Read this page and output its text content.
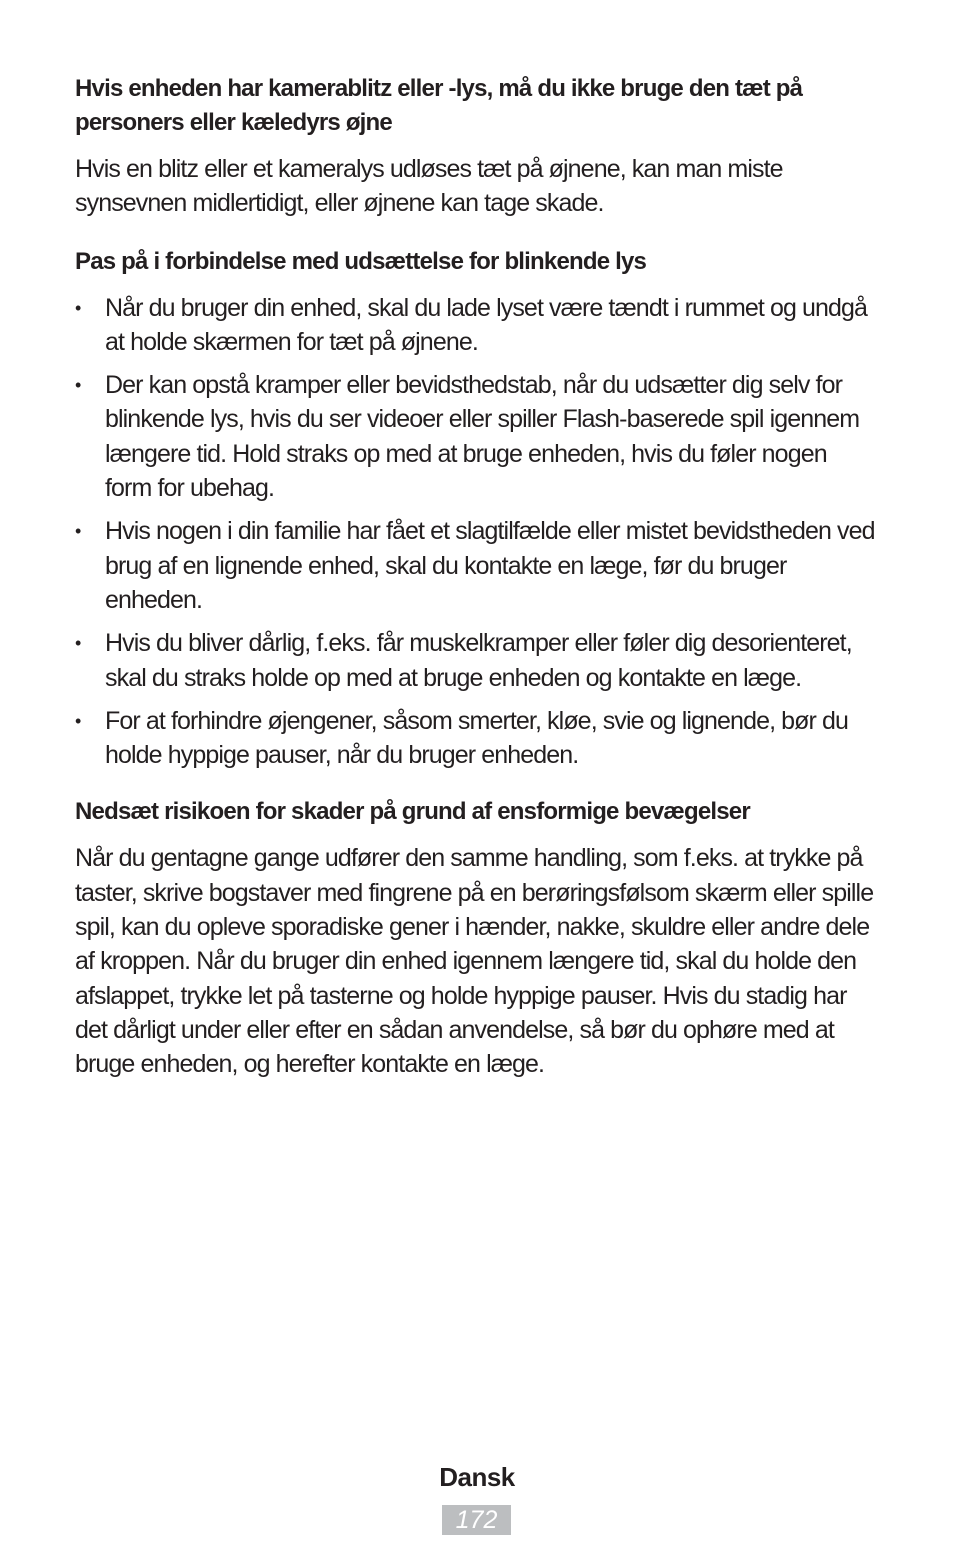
Hvis enheden har kamerablitz eller -lys, må du ikke bruge den tæt på personers eller kæledyrs øjne

Hvis en blitz eller et kameralys udløses tæt på øjnene, kan man miste synsevnen midlertidigt, eller øjnene kan tage skade.

Pas på i forbindelse med udsættelse for blinkende lys
• Når du bruger din enhed, skal du lade lyset være tændt i rummet og undgå at holde skærmen for tæt på øjnene.
• Der kan opstå kramper eller bevidsthedstab, når du udsætter dig selv for blinkende lys, hvis du ser videoer eller spiller Flash-baserede spil igennem længere tid. Hold straks op med at bruge enheden, hvis du føler nogen form for ubehag.
• Hvis nogen i din familie har fået et slagtilfælde eller mistet bevidstheden ved brug af en lignende enhed, skal du kontakte en læge, før du bruger enheden.
• Hvis du bliver dårlig, f.eks. får muskelkramper eller føler dig desorienteret, skal du straks holde op med at bruge enheden og kontakte en læge.
• For at forhindre øjengener, såsom smerter, kløe, svie og lignende, bør du holde hyppige pauser, når du bruger enheden.
Nedsæt risikoen for skader på grund af ensformige bevægelser

Når du gentagne gange udfører den samme handling, som f.eks. at trykke på taster, skrive bogstaver med fingrene på en berøringsfølsom skærm eller spille spil, kan du opleve sporadiske gener i hænder, nakke, skuldre eller andre dele af kroppen. Når du bruger din enhed igennem længere tid, skal du holde den afslappet, trykke let på tasterne og holde hyppige pauser. Hvis du stadig har det dårligt under eller efter en sådan anvendelse, så bør du ophøre med at bruge enheden, og herefter kontakte en læge.

Dansk
172
